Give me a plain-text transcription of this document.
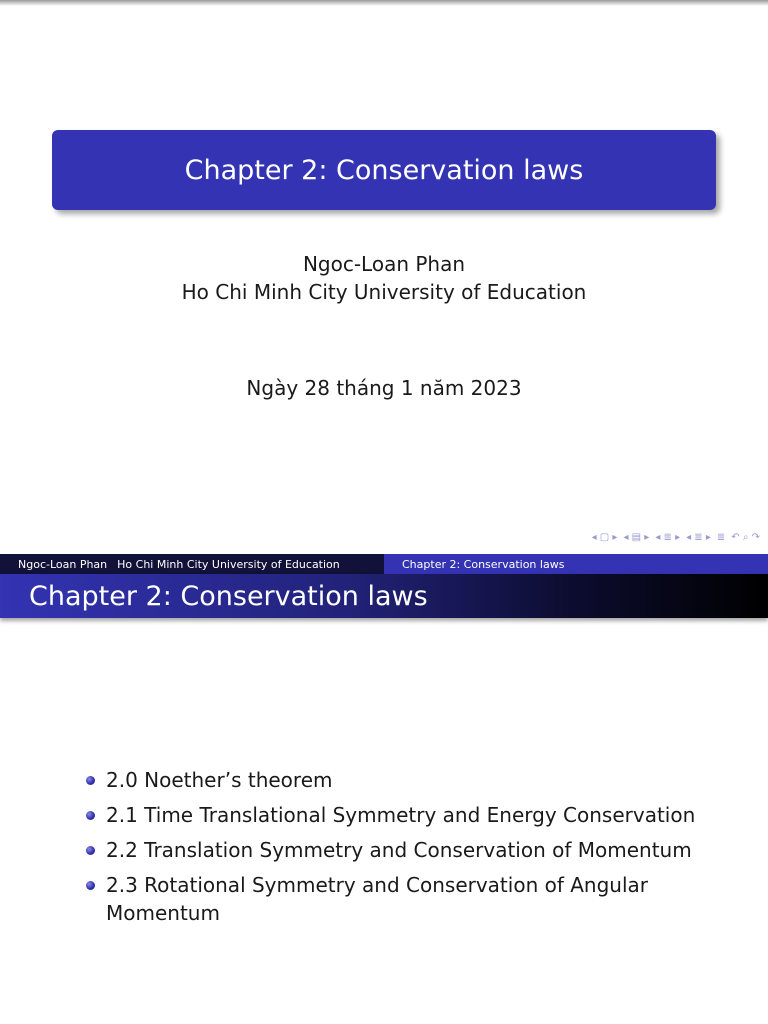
Chapter 2: Conservation laws
Ngoc-Loan Phan
Ho Chi Minh City University of Education
Ngày 28 tháng 1 năm 2023
◂ ▢ ▸ ◂ ▤ ▸ ◂ ≣ ▸ ◂ ≣ ▸ ≣ ↶ ⌕ ↷
Ngoc-Loan Phan Ho Chi Minh City University of Education	Chapter 2: Conservation laws
Chapter 2: Conservation laws
2.0 Noether’s theorem
2.1 Time Translational Symmetry and Energy Conservation
2.2 Translation Symmetry and Conservation of Momentum
2.3 Rotational Symmetry and Conservation of Angular Momentum
